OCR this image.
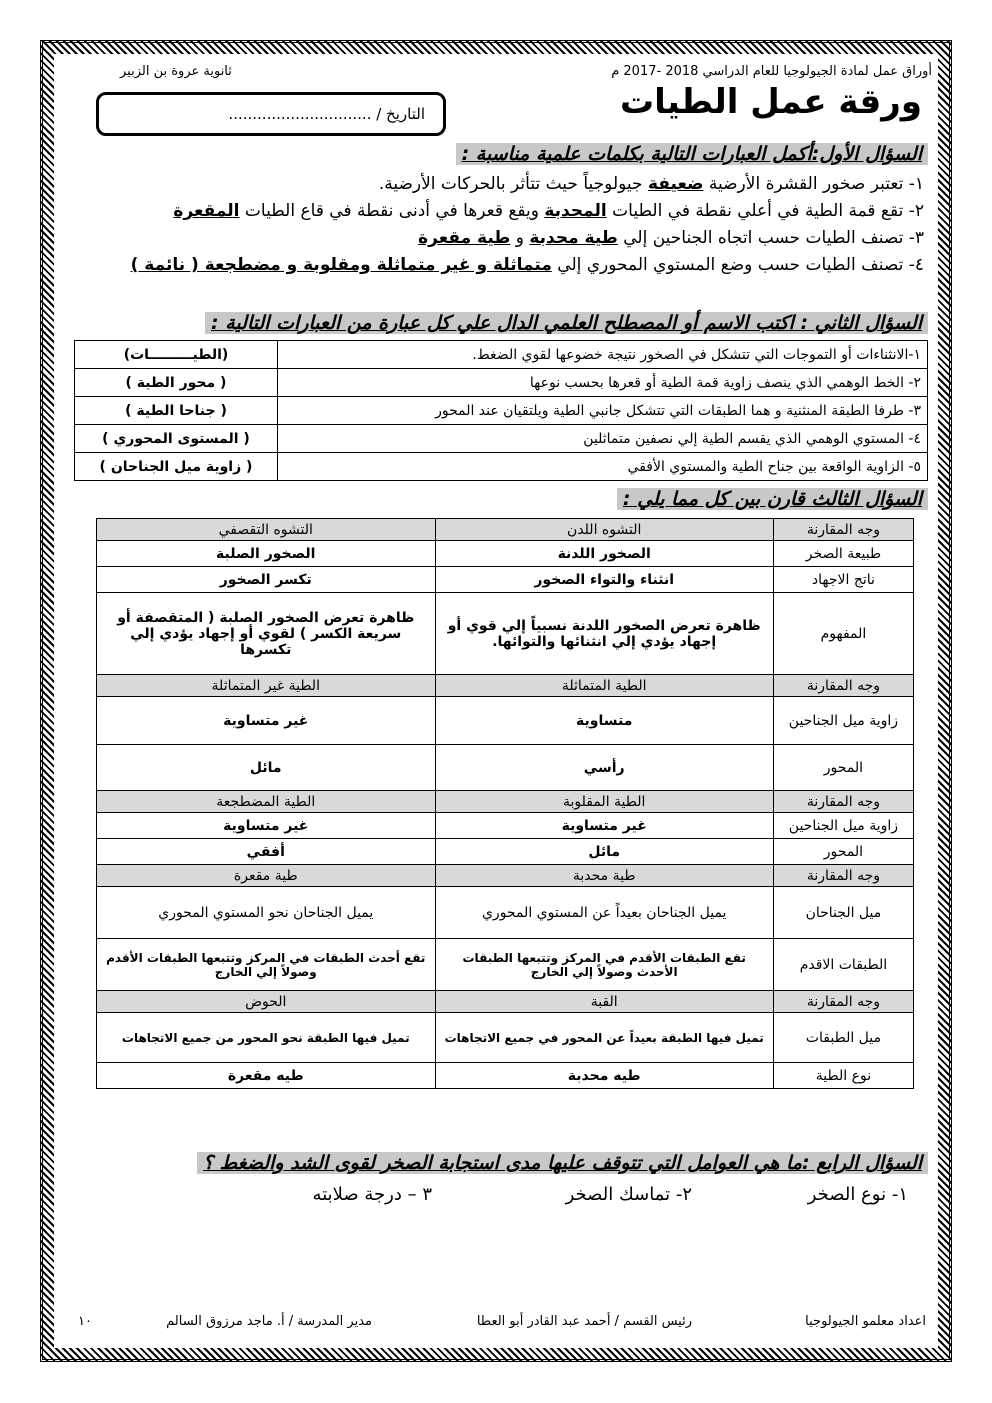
أوراق عمل لمادة الجيولوجيا للعام الدراسي 2018 -2017 م
ثانوية عروة بن الزبير
ورقة عمل الطيات
التاريخ / ..............................
السؤال الأول:أكمل العبارات التالية بكلمات علمية مناسبة :
١- تعتبر صخور القشرة الأرضية ضعيفة جيولوجياً حيث تتأثر بالحركات الأرضية.
٢- تقع قمة الطية في أعلي نقطة في الطيات المحدبة ويقع قعرها في أدنى نقطة في قاع الطيات المقعرة
٣- تصنف الطيات حسب اتجاه الجناحين إلي طية محدبة و طية مقعرة
٤- تصنف الطيات حسب وضع المستوي المحوري إلي متماثلة و غير متماثلة ومقلوبة و مضطجعة ( نائمة )
السؤال الثاني : اكتب الاسم أو المصطلح العلمي الدال علي كل عبارة من العبارات التالية :
١-الانثناءات أو التموجات التي تتشكل في الصخور نتيجة خضوعها لقوي الضغط.	(الطيـــــــــات)
٢- الخط الوهمي الذي ينصف زاوية قمة الطية أو قعرها بحسب نوعها	( محور الطية )
٣- طرفا الطبقة المنثنية و هما الطبقات التي تتشكل جانبي الطية ويلتقيان عند المحور	( جناحا الطية )
٤- المستوي الوهمي الذي يقسم الطية إلي نصفين متماثلين	( المستوى المحوري )
٥- الزاوية الواقعة بين جناح الطية والمستوي الأفقي	( زاوية ميل الجناحان )
السؤال الثالث قارن بين كل مما يلي :
وجه المقارنة	التشوه اللدن	التشوه التقصفي
طبيعة الصخر	الصخور اللدنة	الصخور الصلبة
ناتج الاجهاد	انثناء والتواء الصخور	تكسر الصخور
المفهوم	ظاهرة تعرض الصخور اللدنة نسبياً إلي قوي أو إجهاد يؤدي إلي انثنائها والتوائها.	ظاهرة تعرض الصخور الصلبة ( المتقصفة أو سريعة الكسر ) لقوي أو إجهاد يؤدي إلي تكسرها
وجه المقارنة	الطية المتماثلة	الطية غير المتماثلة
زاوية ميل الجناحين	متساوية	غير متساوية
المحور	رأسي	مائل
وجه المقارنة	الطية المقلوبة	الطية المضطجعة
زاوية ميل الجناحين	غير متساوية	غير متساوية
المحور	مائل	أفقي
وجه المقارنة	طية محدبة	طية مقعرة
ميل الجناحان	يميل الجناحان بعيداً عن المستوي المحوري	يميل الجناحان نحو المستوي المحوري
الطبقات الاقدم	تقع الطبقات الأقدم في المركز وتتبعها الطبقات الأحدث وصولاً إلي الخارج	تقع أحدث الطبقات في المركز وتتبعها الطبقات الأقدم وصولاً إلي الخارج
وجه المقارنة	القبة	الحوض
ميل الطبقات	تميل فيها الطبقة بعيداً عن المحور في جميع الاتجاهات	تميل فيها الطبقة نحو المحور من جميع الاتجاهات
نوع الطية	طيه محدبة	طيه مقعرة
السؤال الرابع :ما هي العوامل التي تتوقف عليها مدى استجابة الصخر لقوى الشد والضغط ؟
١- نوع الصخر
٢- تماسك الصخر
٣ – درجة صلابته
اعداد معلمو الجيولوجيا
رئيس القسم / أحمد عبد القادر أبو العطا
مدير المدرسة / أ. ماجد مرزوق السالم
١٠
